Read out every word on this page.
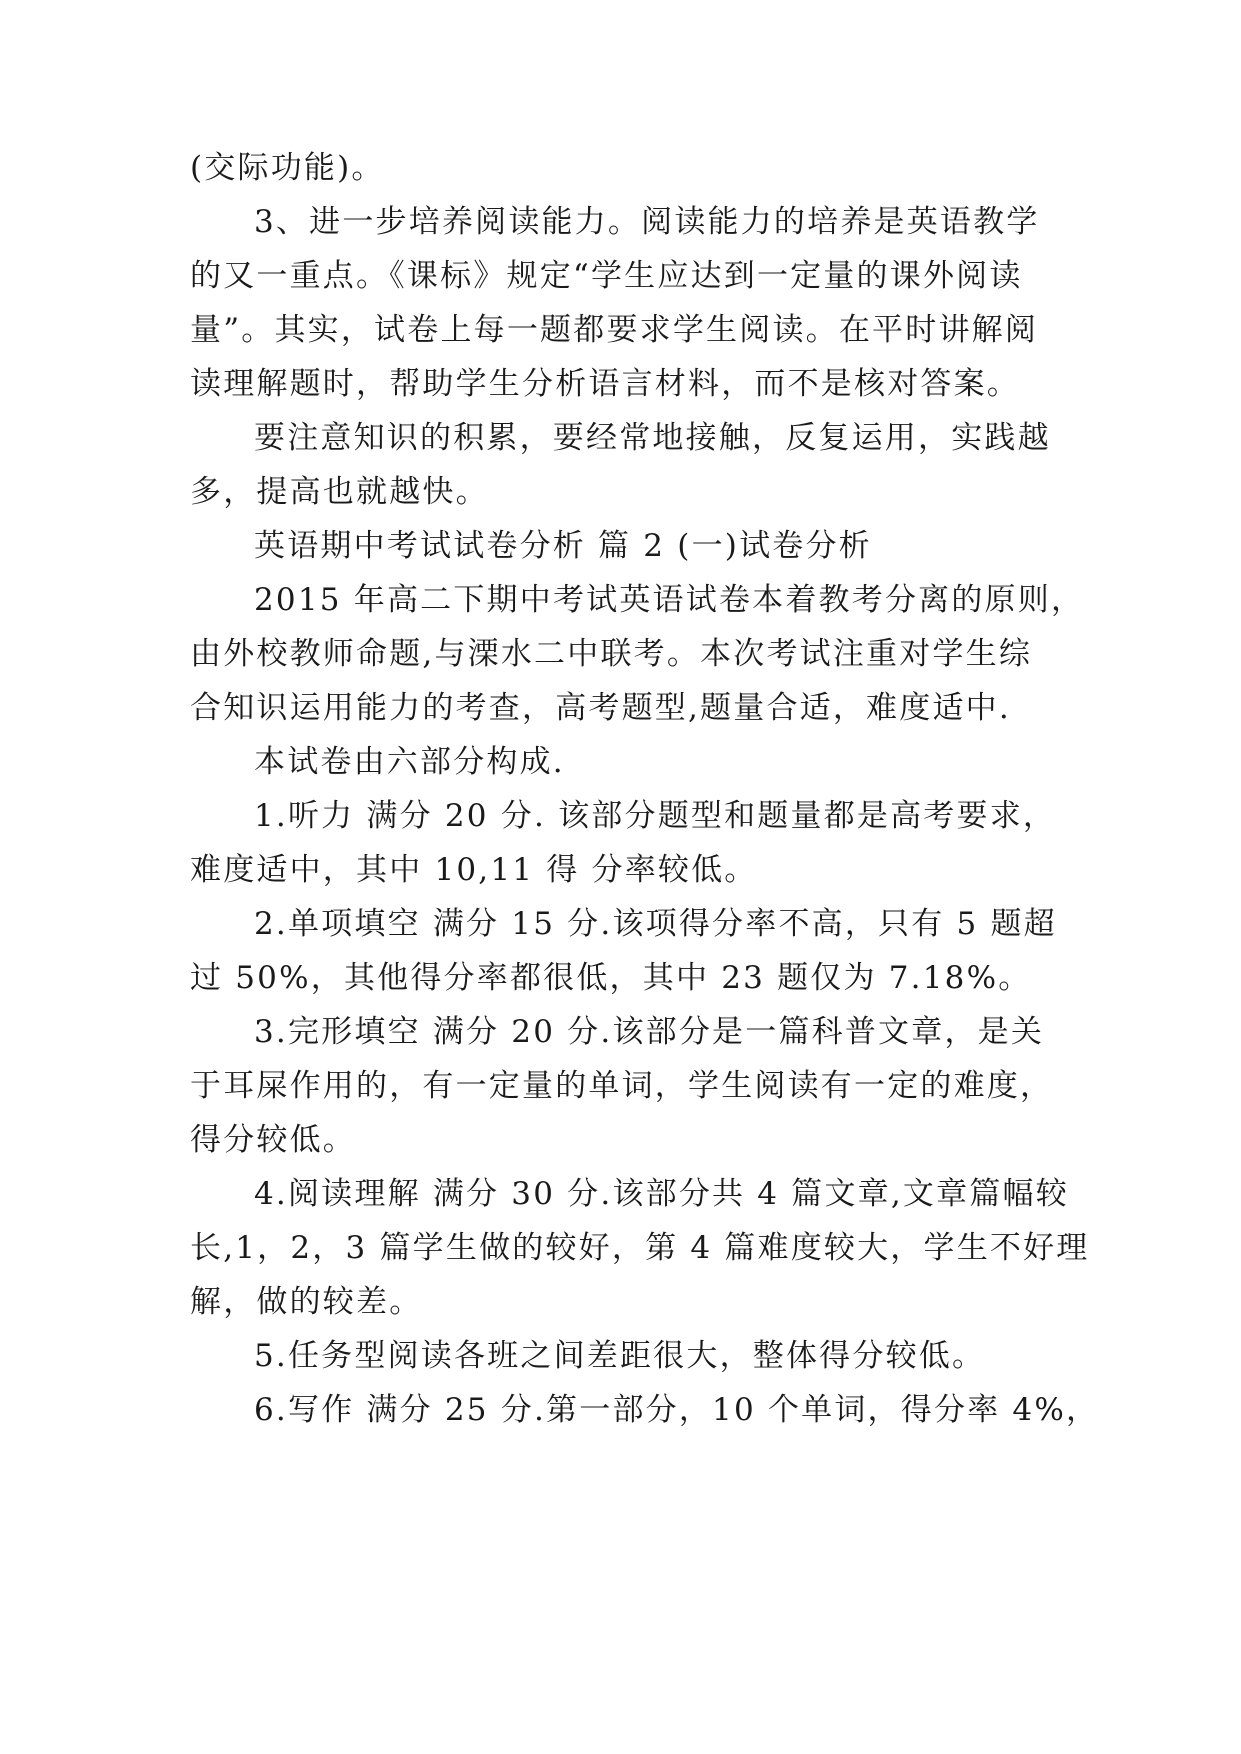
(交际功能)。
3、进一步培养阅读能力。阅读能力的培养是英语教学
的又一重点。《课标》规定“学生应达到一定量的课外阅读
量”。其实，试卷上每一题都要求学生阅读。在平时讲解阅
读理解题时，帮助学生分析语言材料，而不是核对答案。
要注意知识的积累，要经常地接触，反复运用，实践越
多，提高也就越快。
英语期中考试试卷分析 篇 2 (一)试卷分析
2015 年高二下期中考试英语试卷本着教考分离的原则，
由外校教师命题,与溧水二中联考。本次考试注重对学生综
合知识运用能力的考查，高考题型,题量合适，难度适中.
本试卷由六部分构成.
1.听力 满分 20 分. 该部分题型和题量都是高考要求，
难度适中，其中 10,11 得 分率较低。
2.单项填空 满分 15 分.该项得分率不高，只有 5 题超
过 50%，其他得分率都很低，其中 23 题仅为 7.18%。
3.完形填空 满分 20 分.该部分是一篇科普文章，是关
于耳屎作用的，有一定量的单词，学生阅读有一定的难度，
得分较低。
4.阅读理解 满分 30 分.该部分共 4 篇文章,文章篇幅较
长,1，2，3 篇学生做的较好，第 4 篇难度较大，学生不好理
解，做的较差。
5.任务型阅读各班之间差距很大，整体得分较低。
6.写作 满分 25 分.第一部分，10 个单词，得分率 4%，
